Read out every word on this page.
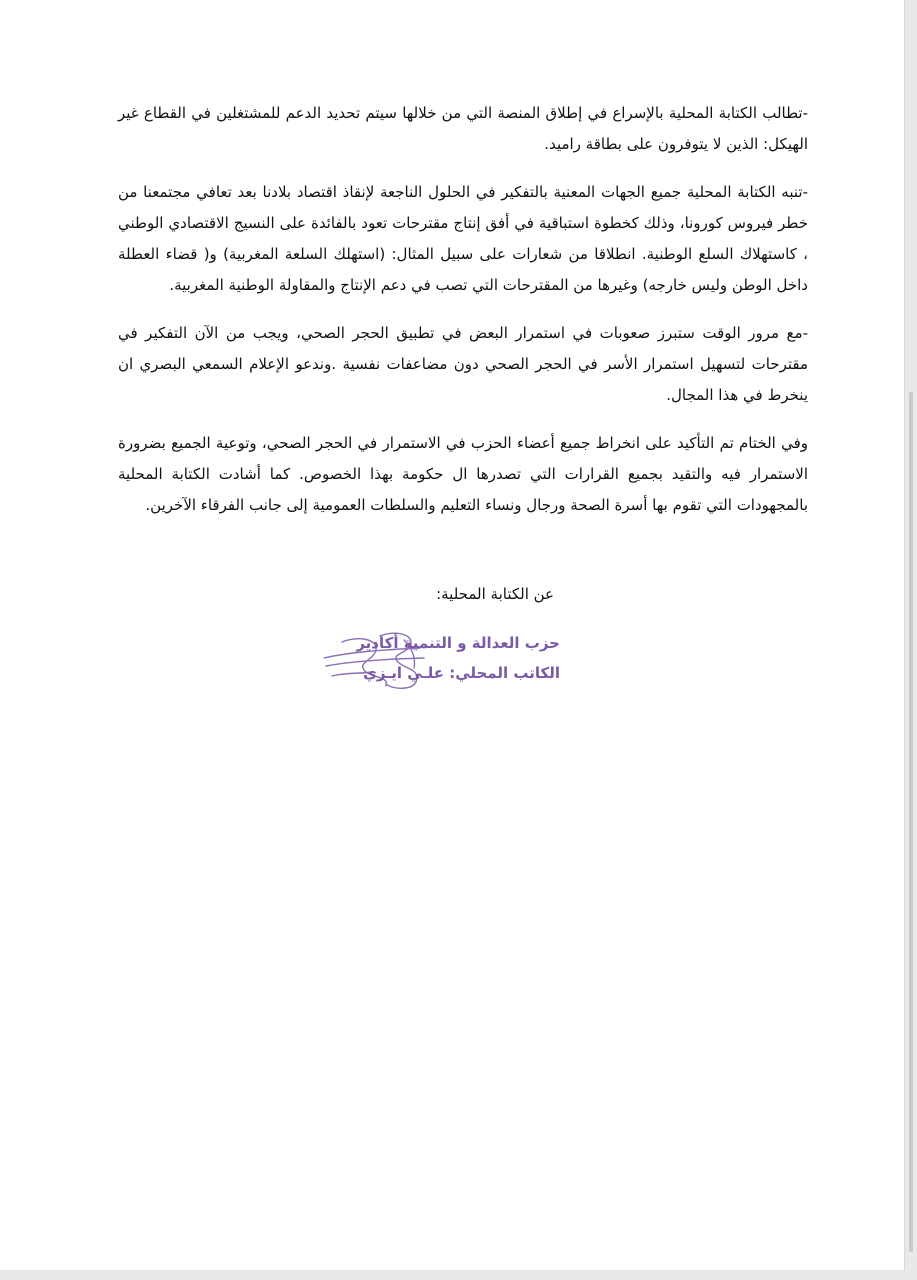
-تطالب الكتابة المحلية بالإسراع في إطلاق المنصة التي من خلالها سيتم تحديد الدعم للمشتغلين في القطاع غير الهيكل: الذين لا يتوفرون على بطاقة راميد.

-تنبه الكتابة المحلية جميع الجهات المعنية بالتفكير في الحلول الناجعة لإنقاذ اقتصاد بلادنا بعد تعافي مجتمعنا من خطر فيروس كورونا، وذلك كخطوة استباقية في أفق إنتاج مقترحات تعود بالفائدة على النسيج الاقتصادي الوطني ، كاستهلاك السلع الوطنية. انطلاقا من شعارات على سبيل المثال: (استهلك السلعة المغربية) و( قضاء العطلة داخل الوطن وليس خارجه) وغيرها من المقترحات التي تصب في دعم الإنتاج والمقاولة الوطنية المغربية.

-مع مرور الوقت ستبرز صعوبات في استمرار البعض في تطبيق الحجر الصحي، ويجب من الآن التفكير في مقترحات لتسهيل استمرار الأسر في الحجر الصحي دون مضاعفات نفسية .وندعو الإعلام السمعي البصري ان ينخرط في هذا المجال.

وفي الختام تم التأكيد على انخراط جميع أعضاء الحزب في الاستمرار في الحجر الصحي، وتوعية الجميع بضرورة الاستمرار فيه والتقيد بجميع القرارات التي تصدرها ال حكومة بهذا الخصوص. كما أشادت الكتابة المحلية بالمجهودات التي تقوم بها أسرة الصحة ورجال ونساء التعليم والسلطات العمومية إلى جانب الفرقاء الآخرين.

عن الكتابة المحلية:
حزب العدالة و التنمية أكادير
الكاتب المحلي: علـي ايـزي
